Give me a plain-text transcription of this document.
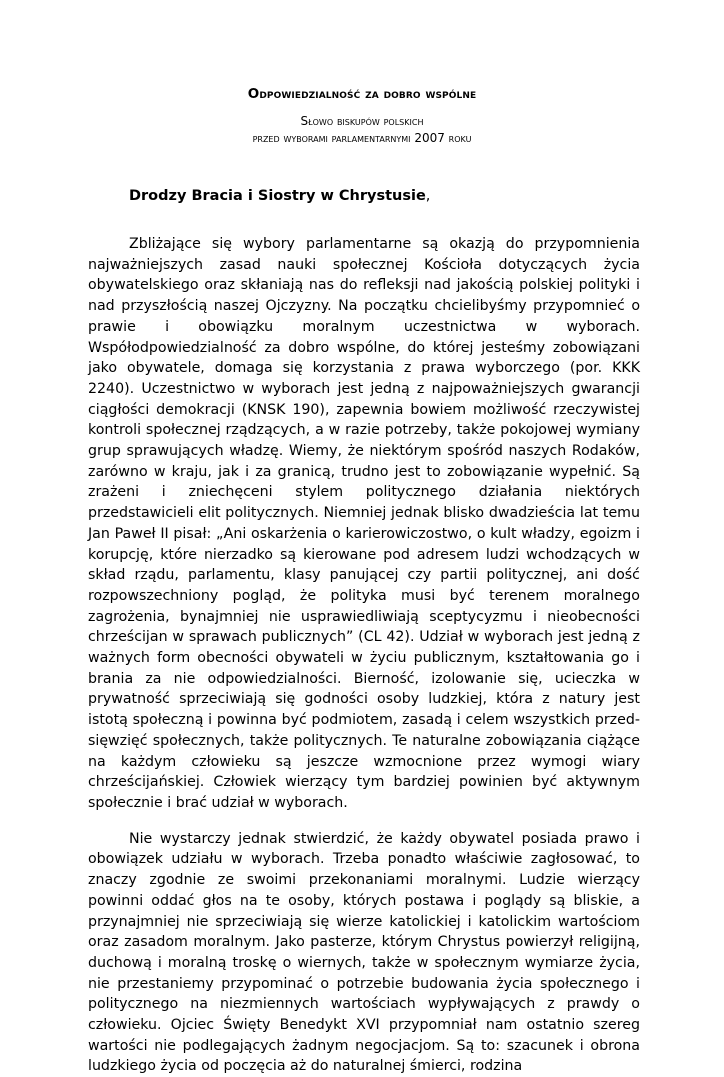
Odpowiedzialność za dobro wspólne
Słowo biskupów polskich
przed wyborami parlamentarnymi 2007 roku
Drodzy Bracia i Siostry w Chrystusie,

Zbliżające się wybory parlamentarne są okazją do przypomnienia najważniejszych zasad nauki społecznej Kościoła dotyczących życia obywatelskiego oraz skłaniają nas do refleksji nad jakością polskiej polityki i nad przyszłością naszej Ojczyzny. Na początku chcielibyśmy przypomnieć o prawie i obowiązku moralnym uczestnictwa w wyborach. Współodpowiedzialność za dobro wspólne, do której jesteśmy zobowiązani jako obywatele, domaga się korzystania z prawa wyborczego (por. KKK 2240). Uczestnictwo w wyborach jest jedną z najpoważniejszych gwarancji ciągłości demokracji (KNSK 190), zapewnia bowiem możliwość rzeczywistej kontroli społecznej rządzących, a w razie potrzeby, także pokojowej wymiany grup sprawujących władzę. Wiemy, że niektórym spośród naszych Rodaków, zarówno w kraju, jak i za granicą, trudno jest to zobowiązanie wypełnić. Są zrażeni i zniechęceni stylem politycznego działania niektórych przedstawicieli elit politycznych. Niemniej jednak blisko dwadzieścia lat temu Jan Paweł II pisał: „Ani oskarżenia o karierowiczostwo, o kult władzy, egoizm i korupcję, które nierzadko są kierowane pod adresem ludzi wchodzących w skład rządu, parlamentu, klasy panującej czy partii politycznej, ani dość rozpowszechniony pogląd, że polityka musi być terenem moralnego zagrożenia, bynajmniej nie usprawiedliwiają sceptycyzmu i nieobecności chrześcijan w sprawach publicznych” (CL 42). Udział w wyborach jest jedną z ważnych form obecności obywateli w życiu publicznym, kształtowania go i brania za nie odpowiedzialności. Bierność, izolowanie się, ucieczka w prywatność sprzeciwiają się godności osoby ludzkiej, która z natury jest istotą społeczną i powinna być podmiotem, zasadą i celem wszystkich przedsięwzięć społecznych, także politycznych. Te naturalne zobowiązania ciążące na każdym człowieku są jeszcze wzmocnione przez wymogi wiary chrześcijańskiej. Człowiek wierzący tym bardziej powinien być aktywnym społecznie i brać udział w wyborach.

Nie wystarczy jednak stwierdzić, że każdy obywatel posiada prawo i obowiązek udziału w wyborach. Trzeba ponadto właściwie zagłosować, to znaczy zgodnie ze swoimi przekonaniami moralnymi. Ludzie wierzący powinni oddać głos na te osoby, których postawa i poglądy są bliskie, a przynajmniej nie sprzeciwiają się wierze katolickiej i katolickim wartościom oraz zasadom moralnym. Jako pasterze, którym Chrystus powierzył religijną, duchową i moralną troskę o wiernych, także w społecznym wymiarze życia, nie przestaniemy przypominać o potrzebie budowania życia społecznego i politycznego na niezmiennych wartościach wypływających z prawdy o człowieku. Ojciec Święty Benedykt XVI przypomniał nam ostatnio szereg wartości nie podlegających żadnym negocjacjom. Są to: szacunek i obrona ludzkiego życia od poczęcia aż do naturalnej śmierci, rodzina
